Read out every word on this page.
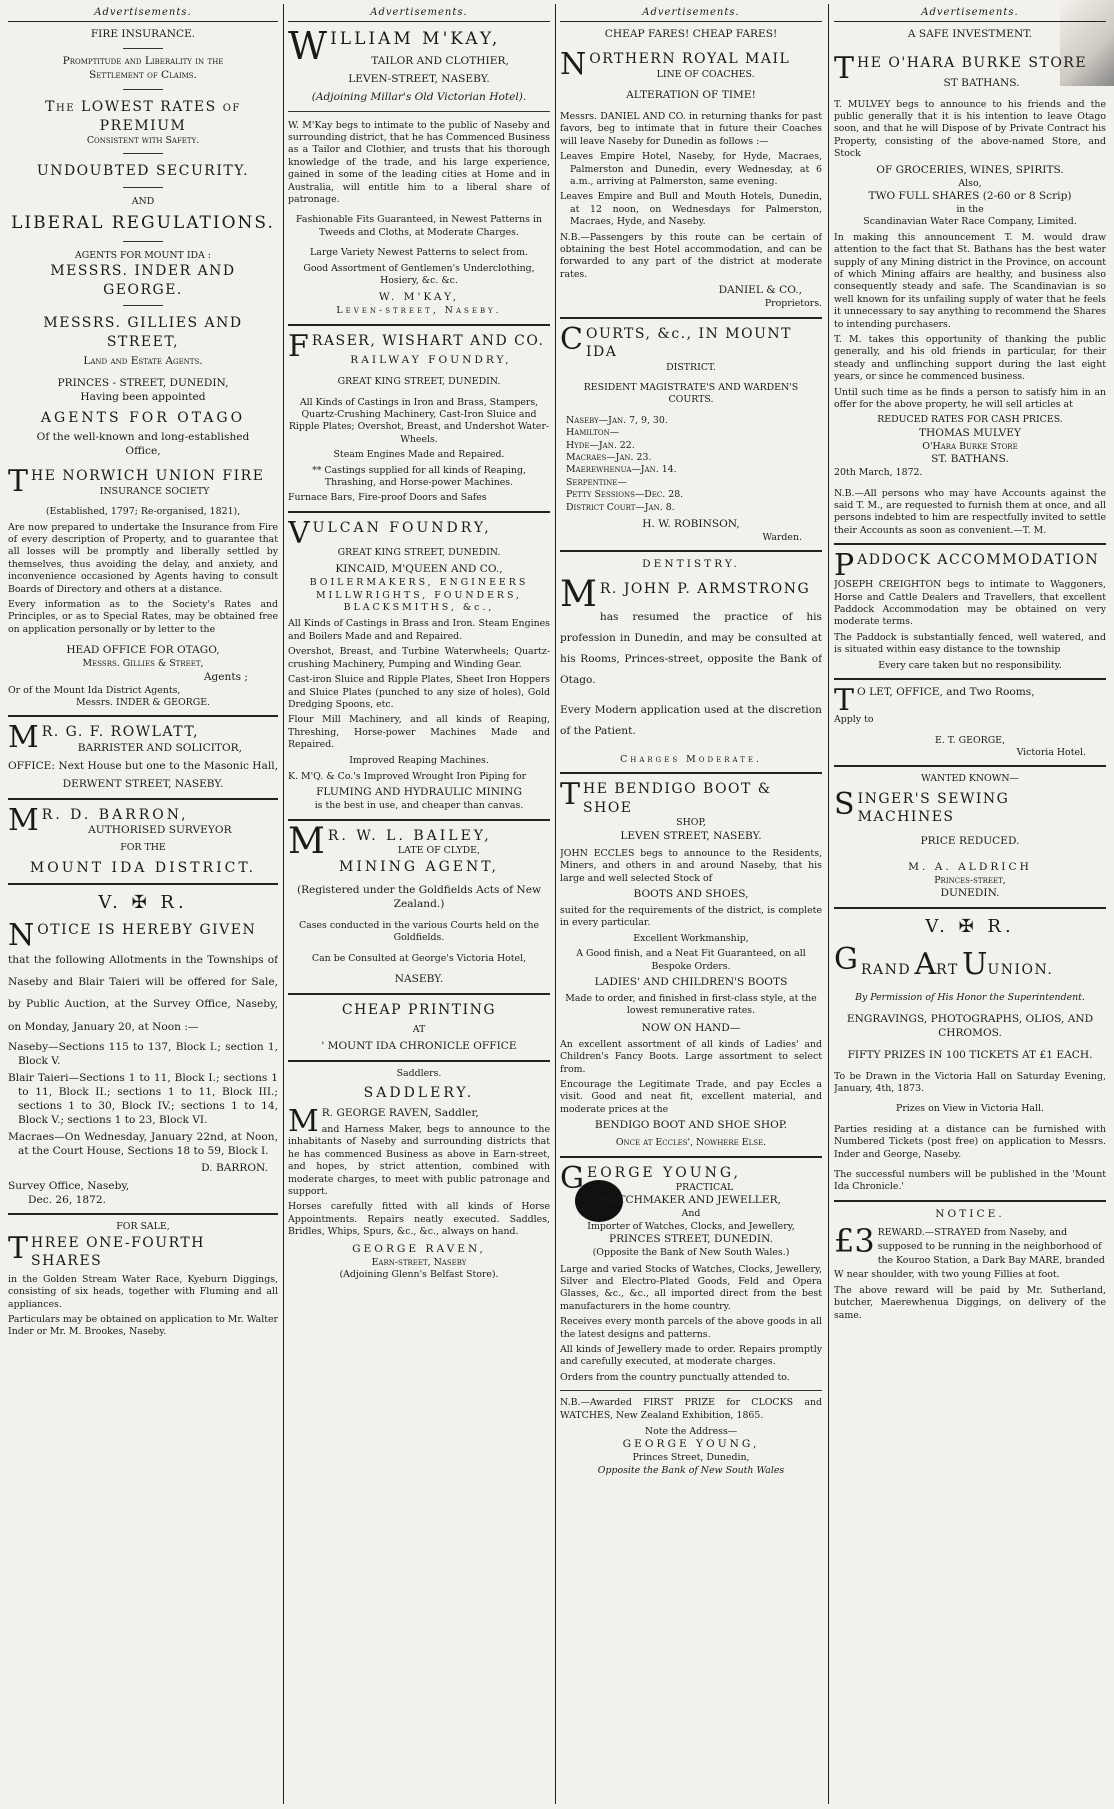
Advertisements.
FIRE INSURANCE.
Promptitude and Liberality in the
Settlement of Claims.
The LOWEST RATES of PREMIUM
Consistent with Safety.
UNDOUBTED SECURITY.
AND
LIBERAL REGULATIONS.
AGENTS FOR MOUNT IDA :
MESSRS. INDER AND GEORGE.
MESSRS. GILLIES AND STREET,
Land and Estate Agents.
PRINCES - STREET, DUNEDIN,
Having been appointed
AGENTS FOR OTAGO
Of the well-known and long-established
Office,
THE NORWICH UNION FIRE
INSURANCE SOCIETY
(Established, 1797; Re-organised, 1821),

Are now prepared to undertake the Insurance from Fire of every description of Property, and to guarantee that all losses will be promptly and liberally settled by themselves, thus avoiding the delay, and anxiety, and inconvenience occasioned by Agents having to consult Boards of Directory and others at a distance.

Every information as to the Society's Rates and Principles, or as to Special Rates, may be obtained free on application personally or by letter to the

HEAD OFFICE FOR OTAGO,
Messrs. Gillies & Street,
Agents ;
Or of the Mount Ida District Agents,
Messrs. INDER & GEORGE.
M R. G. F. ROWLATT,
BARRISTER AND SOLICITOR,
OFFICE: Next House but one to the Masonic Hall,
DERWENT STREET, NASEBY.
M R. D. BARRON,
AUTHORISED SURVEYOR
FOR THE
MOUNT IDA DISTRICT.
V. ✠ R.
NOTICE IS HEREBY GIVEN

that the following Allotments in the Townships of Naseby and Blair Taieri will be offered for Sale, by Public Auction, at the Survey Office, Naseby, on Monday, January 20, at Noon :—

Naseby—Sections 115 to 137, Block I.; section 1, Block V.

Blair Taieri—Sections 1 to 11, Block I.; sections 1 to 11, Block II.; sections 1 to 11, Block III.; sections 1 to 30, Block IV.; sections 1 to 14, Block V.; sections 1 to 23, Block VI.

Macraes—On Wednesday, January 22nd, at Noon, at the Court House, Sections 18 to 59, Block I.

D. BARRON.
Survey Office, Naseby,
Dec. 26, 1872.
FOR SALE,
THREE ONE-FOURTH SHARES

in the Golden Stream Water Race, Kyeburn Diggings, consisting of six heads, together with Fluming and all appliances.

Particulars may be obtained on application to Mr. Walter Inder or Mr. M. Brookes, Naseby.

Advertisements.
WILLIAM M'KAY,
TAILOR AND CLOTHIER,
LEVEN-STREET, NASEBY.
(Adjoining Millar's Old Victorian Hotel).

W. M'Kay begs to intimate to the public of Naseby and surrounding district, that he has Commenced Business as a Tailor and Clothier, and trusts that his thorough knowledge of the trade, and his large experience, gained in some of the leading cities at Home and in Australia, will entitle him to a liberal share of patronage.

Fashionable Fits Guaranteed, in Newest Patterns in Tweeds and Cloths, at Moderate Charges.

Large Variety Newest Patterns to select from.

Good Assortment of Gentlemen's Underclothing, Hosiery, &c. &c.

W. M'KAY,
Leven-street, Naseby.
FRASER, WISHART AND CO.
RAILWAY FOUNDRY,
GREAT KING STREET, DUNEDIN.

All Kinds of Castings in Iron and Brass, Stampers, Quartz-Crushing Machinery, Cast-Iron Sluice and Ripple Plates; Overshot, Breast, and Undershot Water-Wheels.

Steam Engines Made and Repaired.

** Castings supplied for all kinds of Reaping, Thrashing, and Horse-power Machines.

Furnace Bars, Fire-proof Doors and Safes

VULCAN FOUNDRY,
GREAT KING STREET, DUNEDIN.
KINCAID, M'QUEEN AND CO.,
BOILERMAKERS, ENGINEERS MILLWRIGHTS, FOUNDERS, BLACKSMITHS, &c.,

All Kinds of Castings in Brass and Iron. Steam Engines and Boilers Made and and Repaired.

Overshot, Breast, and Turbine Waterwheels; Quartz-crushing Machinery, Pumping and Winding Gear.

Cast-iron Sluice and Ripple Plates, Sheet Iron Hoppers and Sluice Plates (punched to any size of holes), Gold Dredging Spoons, etc.

Flour Mill Machinery, and all kinds of Reaping, Threshing, Horse-power Machines Made and Repaired.

Improved Reaping Machines.

K. M'Q. & Co.'s Improved Wrought Iron Piping for

FLUMING AND HYDRAULIC MINING
is the best in use, and cheaper than canvas.
M R. W. L. BAILEY,
LATE OF CLYDE,
MINING AGENT,

(Registered under the Goldfields Acts of New Zealand.)

Cases conducted in the various Courts held on the Goldfields.

Can be Consulted at George's Victoria Hotel,

NASEBY.
CHEAP PRINTING
AT
' MOUNT IDA CHRONICLE OFFICE
Saddlers.
SADDLERY.
M R. GEORGE RAVEN, Saddler,

and Harness Maker, begs to announce to the inhabitants of Naseby and surrounding districts that he has commenced Business as above in Earn-street, and hopes, by strict attention, combined with moderate charges, to meet with public patronage and support.

Horses carefully fitted with all kinds of Horse Appointments. Repairs neatly executed. Saddles, Bridles, Whips, Spurs, &c., &c., always on hand.

GEORGE RAVEN,
Earn-street, Naseby
(Adjoining Glenn's Belfast Store).
Advertisements.
CHEAP FARES! CHEAP FARES!
NORTHERN ROYAL MAIL
LINE OF COACHES.
ALTERATION OF TIME!

Messrs. DANIEL AND CO. in returning thanks for past favors, beg to intimate that in future their Coaches will leave Naseby for Dunedin as follows :—

Leaves Empire Hotel, Naseby, for Hyde, Macraes, Palmerston and Dunedin, every Wednesday, at 6 a.m., arriving at Palmerston, same evening.

Leaves Empire and Bull and Mouth Hotels, Dunedin, at 12 noon, on Wednesdays for Palmerston, Macraes, Hyde, and Naseby.

N.B.—Passengers by this route can be certain of obtaining the best Hotel accommodation, and can be forwarded to any part of the district at moderate rates.

DANIEL & CO.,
Proprietors.
COURTS, &c., IN MOUNT IDA
DISTRICT.
RESIDENT MAGISTRATE'S AND WARDEN'S COURTS.
Naseby—Jan. 7, 9, 30.
Hamilton—
Hyde—Jan. 22.
Macraes—Jan. 23.
Maerewhenua—Jan. 14.
Serpentine—
Petty Sessions—Dec. 28.
District Court—Jan. 8.
H. W. ROBINSON,
Warden.
DENTISTRY.
M R. JOHN P. ARMSTRONG

has resumed the practice of his profession in Dunedin, and may be consulted at his Rooms, Princes-street, opposite the Bank of Otago.

Every Modern application used at the discretion of the Patient.

Charges Moderate.
THE BENDIGO BOOT & SHOE
SHOP,
LEVEN STREET, NASEBY.

JOHN ECCLES begs to announce to the Residents, Miners, and others in and around Naseby, that his large and well selected Stock of

BOOTS AND SHOES,

suited for the requirements of the district, is complete in every particular.

Excellent Workmanship,

A Good finish, and a Neat Fit Guaranteed, on all Bespoke Orders.

LADIES' AND CHILDREN'S BOOTS

Made to order, and finished in first-class style, at the lowest remunerative rates.

NOW ON HAND—

An excellent assortment of all kinds of Ladies' and Children's Fancy Boots. Large assortment to select from.

Encourage the Legitimate Trade, and pay Eccles a visit. Good and neat fit, excellent material, and moderate prices at the

BENDIGO BOOT AND SHOE SHOP.
Once at Eccles', Nowhere Else.
GEORGE YOUNG,
PRACTICAL
WATCHMAKER AND JEWELLER,
And
Importer of Watches, Clocks, and Jewellery,
PRINCES STREET, DUNEDIN.
(Opposite the Bank of New South Wales.)

Large and varied Stocks of Watches, Clocks, Jewellery, Silver and Electro-Plated Goods, Feld and Opera Glasses, &c., &c., all imported direct from the best manufacturers in the home country.

Receives every month parcels of the above goods in all the latest designs and patterns.

All kinds of Jewellery made to order. Repairs promptly and carefully executed, at moderate charges.

Orders from the country punctually attended to.

N.B.—Awarded FIRST PRIZE for CLOCKS and WATCHES, New Zealand Exhibition, 1865.

Note the Address—
GEORGE YOUNG,
Princes Street, Dunedin,
Opposite the Bank of New South Wales
Advertisements.
A SAFE INVESTMENT.
THE O'HARA BURKE STORE
ST BATHANS.

T. MULVEY begs to announce to his friends and the public generally that it is his intention to leave Otago soon, and that he will Dispose of by Private Contract his Property, consisting of the above-named Store, and Stock

OF GROCERIES, WINES, SPIRITS.
Also,
TWO FULL SHARES (2-60 or 8 Scrip)
in the
Scandinavian Water Race Company, Limited.

In making this announcement T. M. would draw attention to the fact that St. Bathans has the best water supply of any Mining district in the Province, on account of which Mining affairs are healthy, and business also consequently steady and safe. The Scandinavian is so well known for its unfailing supply of water that he feels it unnecessary to say anything to recommend the Shares to intending purchasers.

T. M. takes this opportunity of thanking the public generally, and his old friends in particular, for their steady and unflinching support during the last eight years, or since he commenced business.

Until such time as he finds a person to satisfy him in an offer for the above property, he will sell articles at

REDUCED RATES FOR CASH PRICES.
THOMAS MULVEY
O'Hara Burke Store
ST. BATHANS.
20th March, 1872.

N.B.—All persons who may have Accounts against the said T. M., are requested to furnish them at once, and all persons indebted to him are respectfully invited to settle their Accounts as soon as convenient.—T. M.

PADDOCK ACCOMMODATION

JOSEPH CREIGHTON begs to intimate to Waggoners, Horse and Cattle Dealers and Travellers, that excellent Paddock Accommodation may be obtained on very moderate terms.

The Paddock is substantially fenced, well watered, and is situated within easy distance to the township

Every care taken but no responsibility.
T O LET, OFFICE, and Two Rooms,
Apply to
E. T. GEORGE,
Victoria Hotel.
WANTED KNOWN—
SINGER'S SEWING MACHINES
PRICE REDUCED.
M. A. ALDRICH
Princes-street,
DUNEDIN.
V. ✠ R.
GRAND ART UUNION.
By Permission of His Honor the Superintendent.
ENGRAVINGS, PHOTOGRAPHS, OLIOS, AND CHROMOS.
FIFTY PRIZES IN 100 TICKETS AT £1 EACH.

To be Drawn in the Victoria Hall on Saturday Evening, January, 4th, 1873.

Prizes on View in Victoria Hall.

Parties residing at a distance can be furnished with Numbered Tickets (post free) on application to Messrs. Inder and George, Naseby.

The successful numbers will be published in the 'Mount Ida Chronicle.'

NOTICE.
£3 REWARD.—STRAYED from Naseby, and supposed to be running in the neighborhood of the Kouroo Station, a Dark Bay MARE, branded W near shoulder, with two young Fillies at foot.

The above reward will be paid by Mr. Sutherland, butcher, Maerewhenua Diggings, on delivery of the same.
